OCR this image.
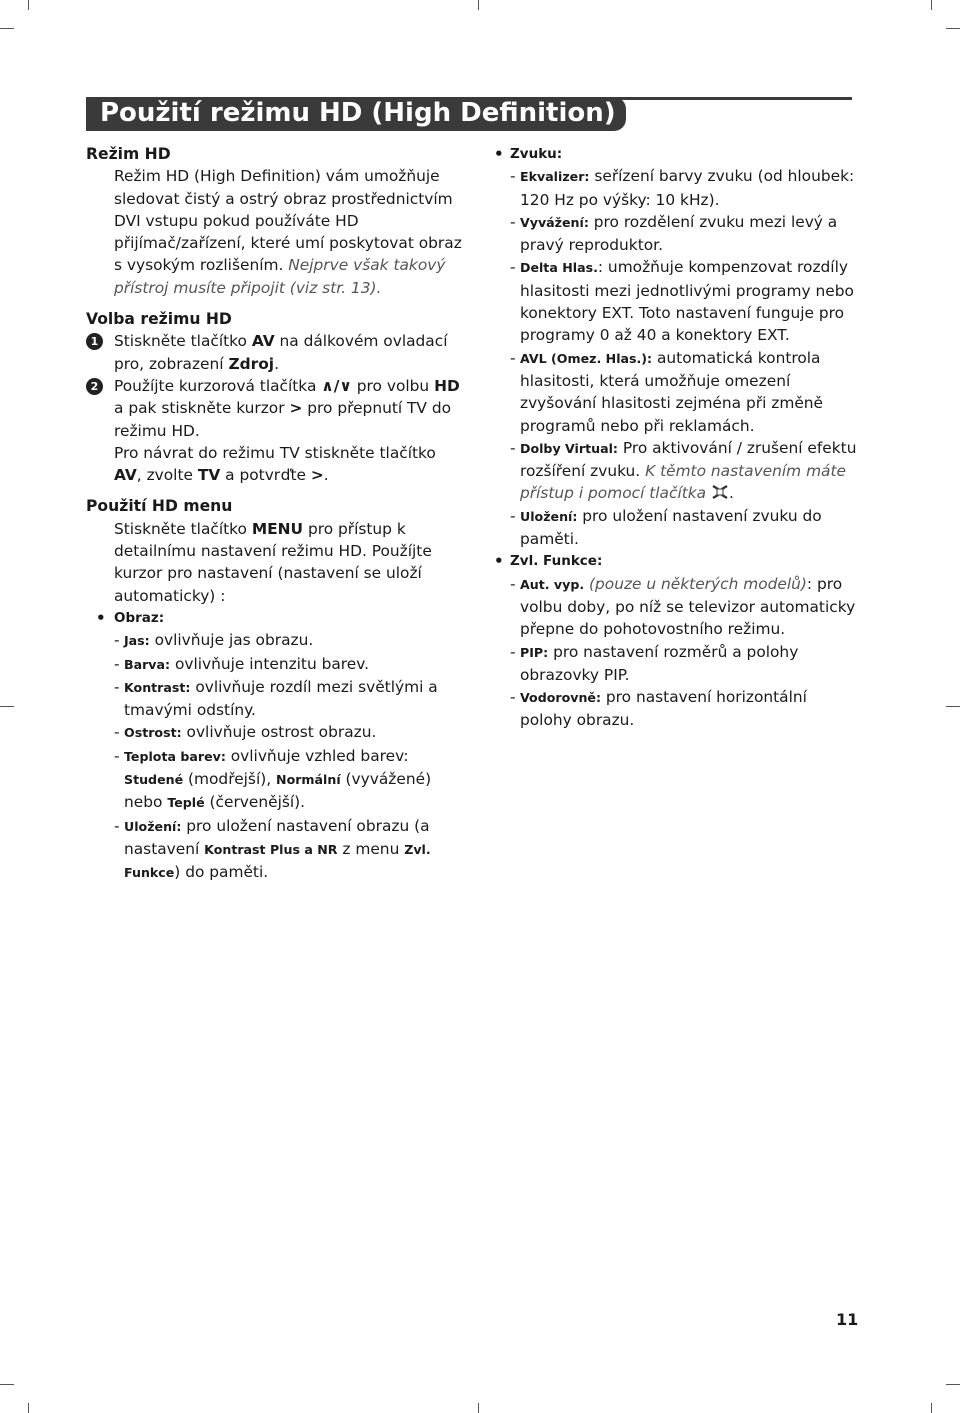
Použití režimu HD (High Definition)
Režim HD
Režim HD (High Definition) vám umožňuje sledovat čistý a ostrý obraz prostřednictvím DVI vstupu pokud používáte HD přijímač/zařízení, které umí poskytovat obraz s vysokým rozlišením. Nejprve však takový přístroj musíte připojit (viz str. 13).
Volba režimu HD
1	Stiskněte tlačítko AV na dálkovém ovladací pro, zobrazení Zdroj.
2	Použíjte kurzorová tlačítka ∧/∨ pro volbu HD a pak stiskněte kurzor > pro přepnutí TV do režimu HD.
Pro návrat do režimu TV stiskněte tlačítko AV, zvolte TV a potvrďte >.
Použití HD menu
Stiskněte tlačítko MENU pro přístup k detailnímu nastavení režimu HD. Použíjte kurzor pro nastavení (nastavení se uloží automaticky) :
• Obraz:
- Jas: ovlivňuje jas obrazu.
- Barva: ovlivňuje intenzitu barev.
- Kontrast: ovlivňuje rozdíl mezi světlými a tmavými odstíny.
- Ostrost: ovlivňuje ostrost obrazu.
- Teplota barev: ovlivňuje vzhled barev: Studené (modřejší), Normální (vyvážené) nebo Teplé (červenější).
- Uložení: pro uložení nastavení obrazu (a nastavení Kontrast Plus a NR z menu Zvl. Funkce) do paměti.
• Zvuku:
- Ekvalizer: seřízení barvy zvuku (od hloubek: 120 Hz po výšky: 10 kHz).
- Vyvážení: pro rozdělení zvuku mezi levý a pravý reproduktor.
- Delta Hlas.: umožňuje kompenzovat rozdíly hlasitosti mezi jednotlivými programy nebo konektory EXT. Toto nastavení funguje pro programy 0 až 40 a konektory EXT.
- AVL (Omez. Hlas.): automatická kontrola hlasitosti, která umožňuje omezení zvyšování hlasitosti zejména při změně programů nebo při reklamách.
- Dolby Virtual: Pro aktivování / zrušení efektu rozšíření zvuku. K těmto nastavením máte přístup i pomocí tlačítka .
- Uložení: pro uložení nastavení zvuku do paměti.
• Zvl. Funkce:
- Aut. vyp. (pouze u některých modelů): pro volbu doby, po níž se televizor automaticky přepne do pohotovostního režimu.
- PIP: pro nastavení rozměrů a polohy obrazovky PIP.
- Vodorovně: pro nastavení horizontální polohy obrazu.
11
